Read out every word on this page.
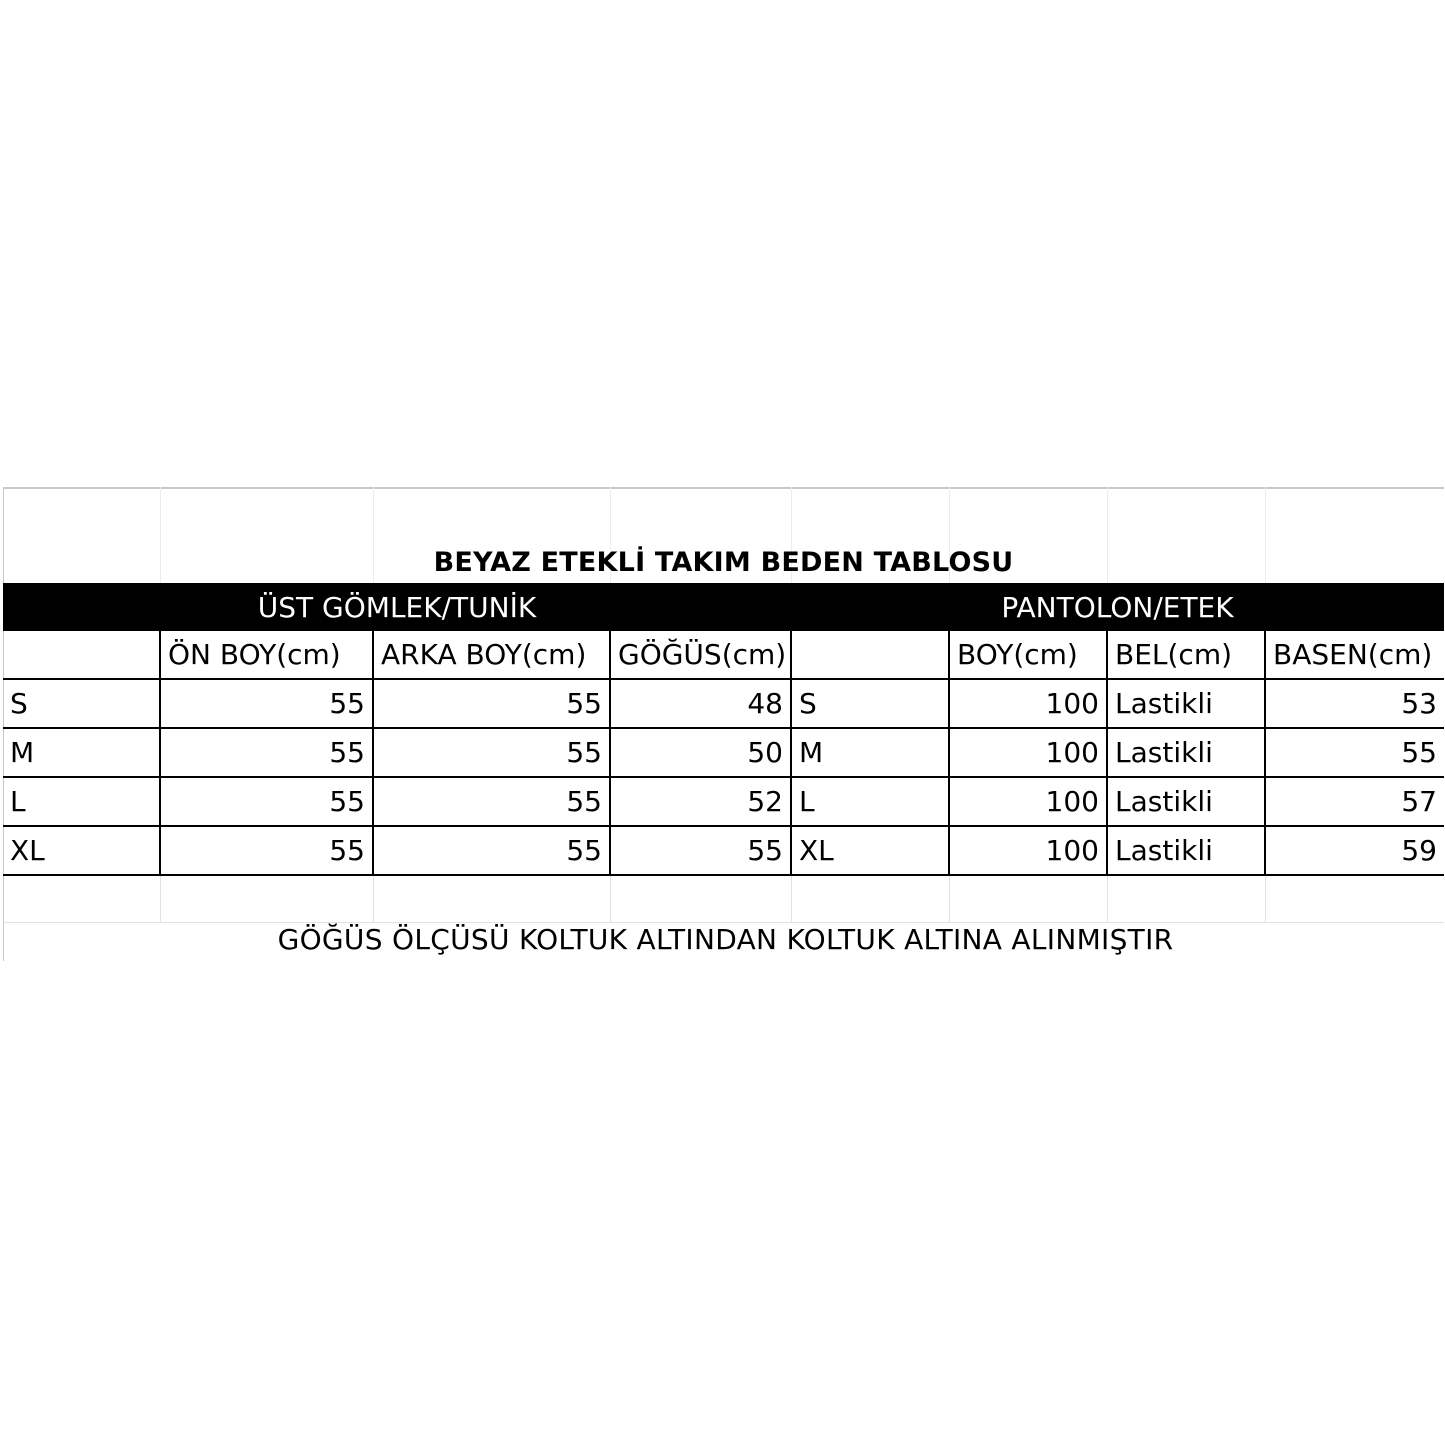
BEYAZ ETEKLİ TAKIM BEDEN TABLOSU
ÜST GÖMLEK/TUNİK	PANTOLON/ETEK
	ÖN BOY(cm)	ARKA BOY(cm)	GÖĞÜS(cm)		BOY(cm)	BEL(cm)	BASEN(cm)
S	55	55	48	S	100	Lastikli	53
M	55	55	50	M	100	Lastikli	55
L	55	55	52	L	100	Lastikli	57
XL	55	55	55	XL	100	Lastikli	59

GÖĞÜS ÖLÇÜSÜ KOLTUK ALTINDAN KOLTUK ALTINA ALINMIŞTIR
